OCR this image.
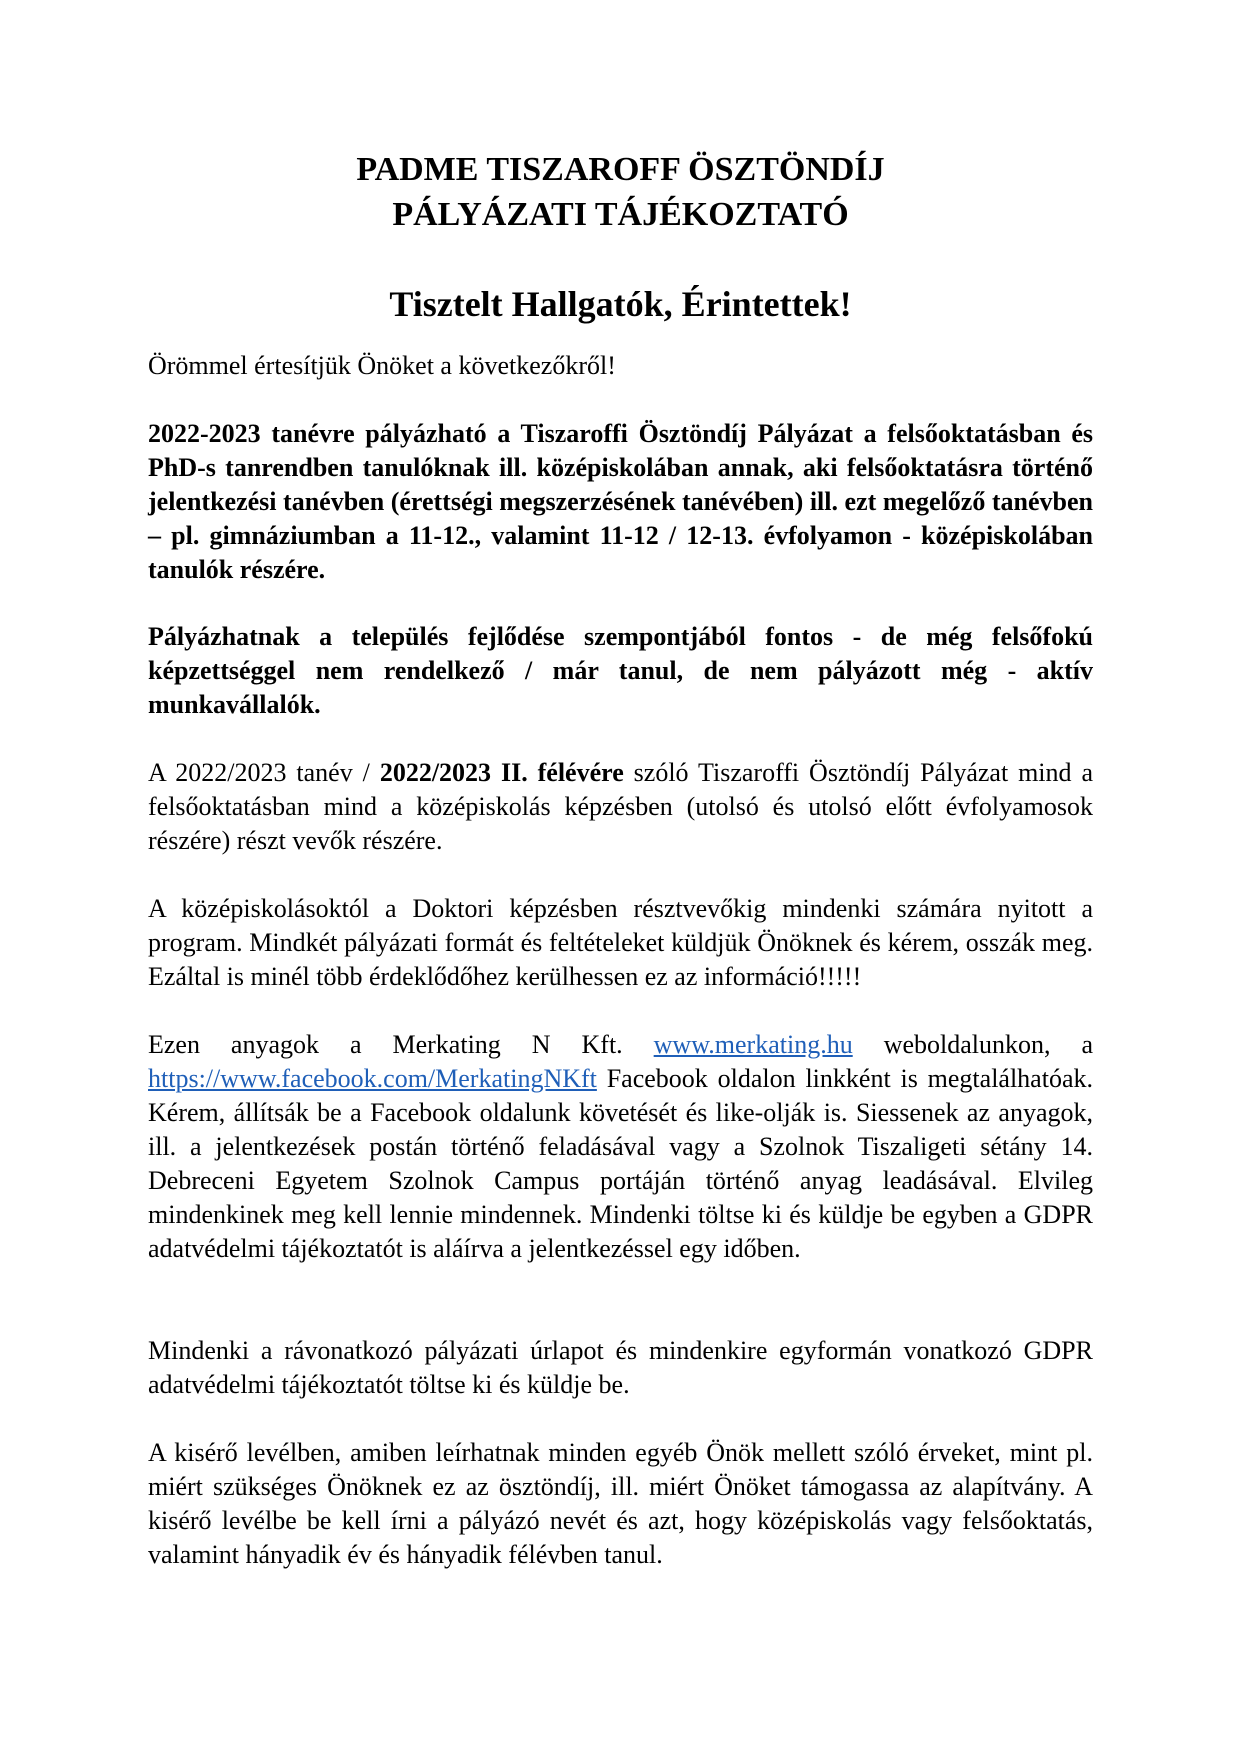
PADME TISZAROFF ÖSZTÖNDÍJ
PÁLYÁZATI TÁJÉKOZTATÓ
Tisztelt Hallgatók, Érintettek!

Örömmel értesítjük Önöket a következőkről!

2022-2023 tanévre pályázható a Tiszaroffi Ösztöndíj Pályázat a felsőoktatásban és PhD-s tanrendben tanulóknak ill. középiskolában annak, aki felsőoktatásra történő jelentkezési tanévben (érettségi megszerzésének tanévében) ill. ezt megelőző tanévben – pl. gimnáziumban a 11-12., valamint 11-12 / 12-13. évfolyamon - középiskolában tanulók részére.

Pályázhatnak a település fejlődése szempontjából fontos - de még felsőfokú képzettséggel nem rendelkező / már tanul, de nem pályázott még - aktív munkavállalók.

A 2022/2023 tanév / 2022/2023 II. félévére szóló Tiszaroffi Ösztöndíj Pályázat mind a felsőoktatásban mind a középiskolás képzésben (utolsó és utolsó előtt évfolyamosok részére) részt vevők részére.

A középiskolásoktól a Doktori képzésben résztvevőkig mindenki számára nyitott a program. Mindkét pályázati formát és feltételeket küldjük Önöknek és kérem, osszák meg. Ezáltal is minél több érdeklődőhez kerülhessen ez az információ!!!!!

Ezen anyagok a Merkating N Kft. www.merkating.hu weboldalunkon, a https://www.facebook.com/MerkatingNKft Facebook oldalon linkként is megtalálhatóak. Kérem, állítsák be a Facebook oldalunk követését és like-olják is. Siessenek az anyagok, ill. a jelentkezések postán történő feladásával vagy a Szolnok Tiszaligeti sétány 14. Debreceni Egyetem Szolnok Campus portáján történő anyag leadásával. Elvileg mindenkinek meg kell lennie mindennek. Mindenki töltse ki és küldje be egyben a GDPR adatvédelmi tájékoztatót is aláírva a jelentkezéssel egy időben.

Mindenki a rávonatkozó pályázati úrlapot és mindenkire egyformán vonatkozó GDPR adatvédelmi tájékoztatót töltse ki és küldje be.

A kisérő levélben, amiben leírhatnak minden egyéb Önök mellett szóló érveket, mint pl. miért szükséges Önöknek ez az ösztöndíj, ill. miért Önöket támogassa az alapítvány. A kisérő levélbe be kell írni a pályázó nevét és azt, hogy középiskolás vagy felsőoktatás, valamint hányadik év és hányadik félévben tanul.
